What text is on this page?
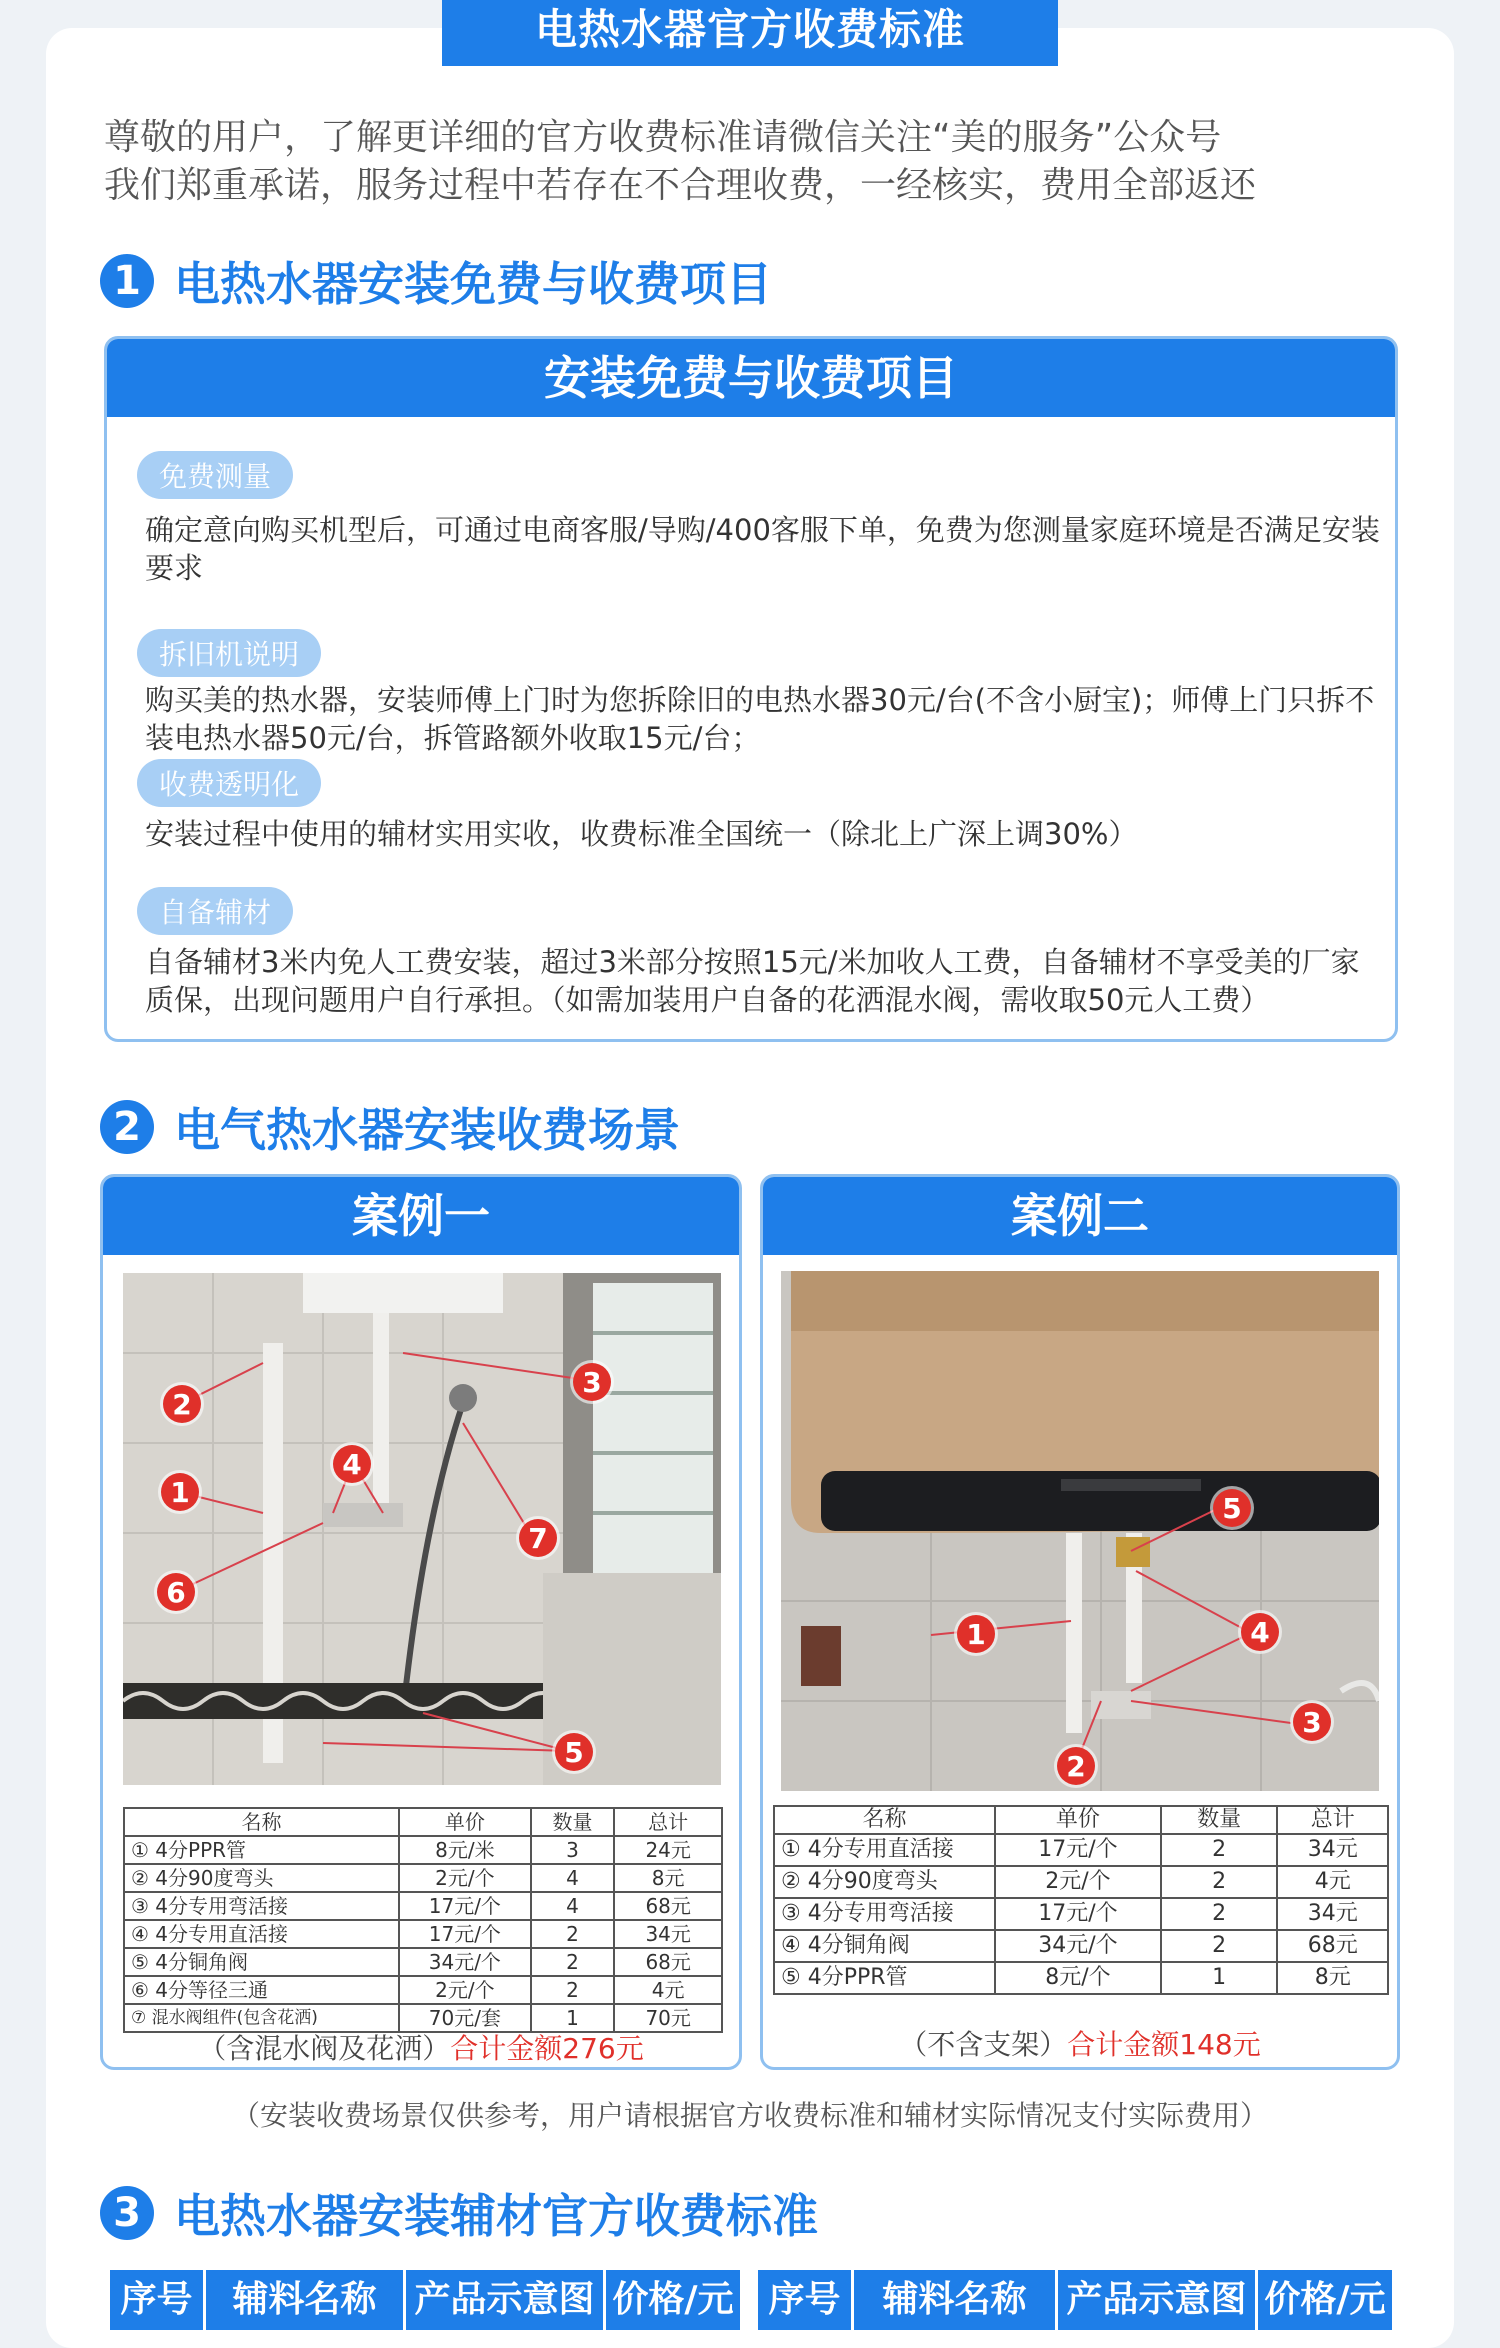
电热水器官方收费标准
尊敬的用户，了解更详细的官方收费标准请微信关注“美的服务”公众号
我们郑重承诺，服务过程中若存在不合理收费，一经核实，费用全部返还
1 电热水器安装免费与收费项目
安装免费与收费项目
免费测量
确定意向购买机型后，可通过电商客服/导购/400客服下单，免费为您测量家庭环境是否满足安装要求
拆旧机说明
购买美的热水器，安装师傅上门时为您拆除旧的电热水器30元/台(不含小厨宝)；师傅上门只拆不装电热水器50元/台，拆管路额外收取15元/台；
收费透明化
安装过程中使用的辅材实用实收，收费标准全国统一（除北上广深上调30%）
自备辅材
自备辅材3米内免人工费安装，超过3米部分按照15元/米加收人工费，自备辅材不享受美的厂家质保，出现问题用户自行承担。（如需加装用户自备的花洒混水阀，需收取50元人工费）
2 电气热水器安装收费场景
案例一
2
1
4
3
7
6
5
名称	单价	数量	总计
① 4分PPR管	8元/米	3	24元
② 4分90度弯头	2元/个	4	8元
③ 4分专用弯活接	17元/个	4	68元
④ 4分专用直活接	17元/个	2	34元
⑤ 4分铜角阀	34元/个	2	68元
⑥ 4分等径三通	2元/个	2	4元
⑦ 混水阀组件(包含花洒)	70元/套	1	70元
（含混水阀及花洒）合计金额276元
案例二
5
1	4
3
2
名称	单价	数量	总计
① 4分专用直活接	17元/个	2	34元
② 4分90度弯头	2元/个	2	4元
③ 4分专用弯活接	17元/个	2	34元
④ 4分铜角阀	34元/个	2	68元
⑤ 4分PPR管	8元/个	1	8元
（不含支架）合计金额148元
（安装收费场景仅供参考，用户请根据官方收费标准和辅材实际情况支付实际费用）
3 电热水器安装辅材官方收费标准
序号	辅料名称	产品示意图 价格/元 序号	辅料名称	产品示意图 价格/元
